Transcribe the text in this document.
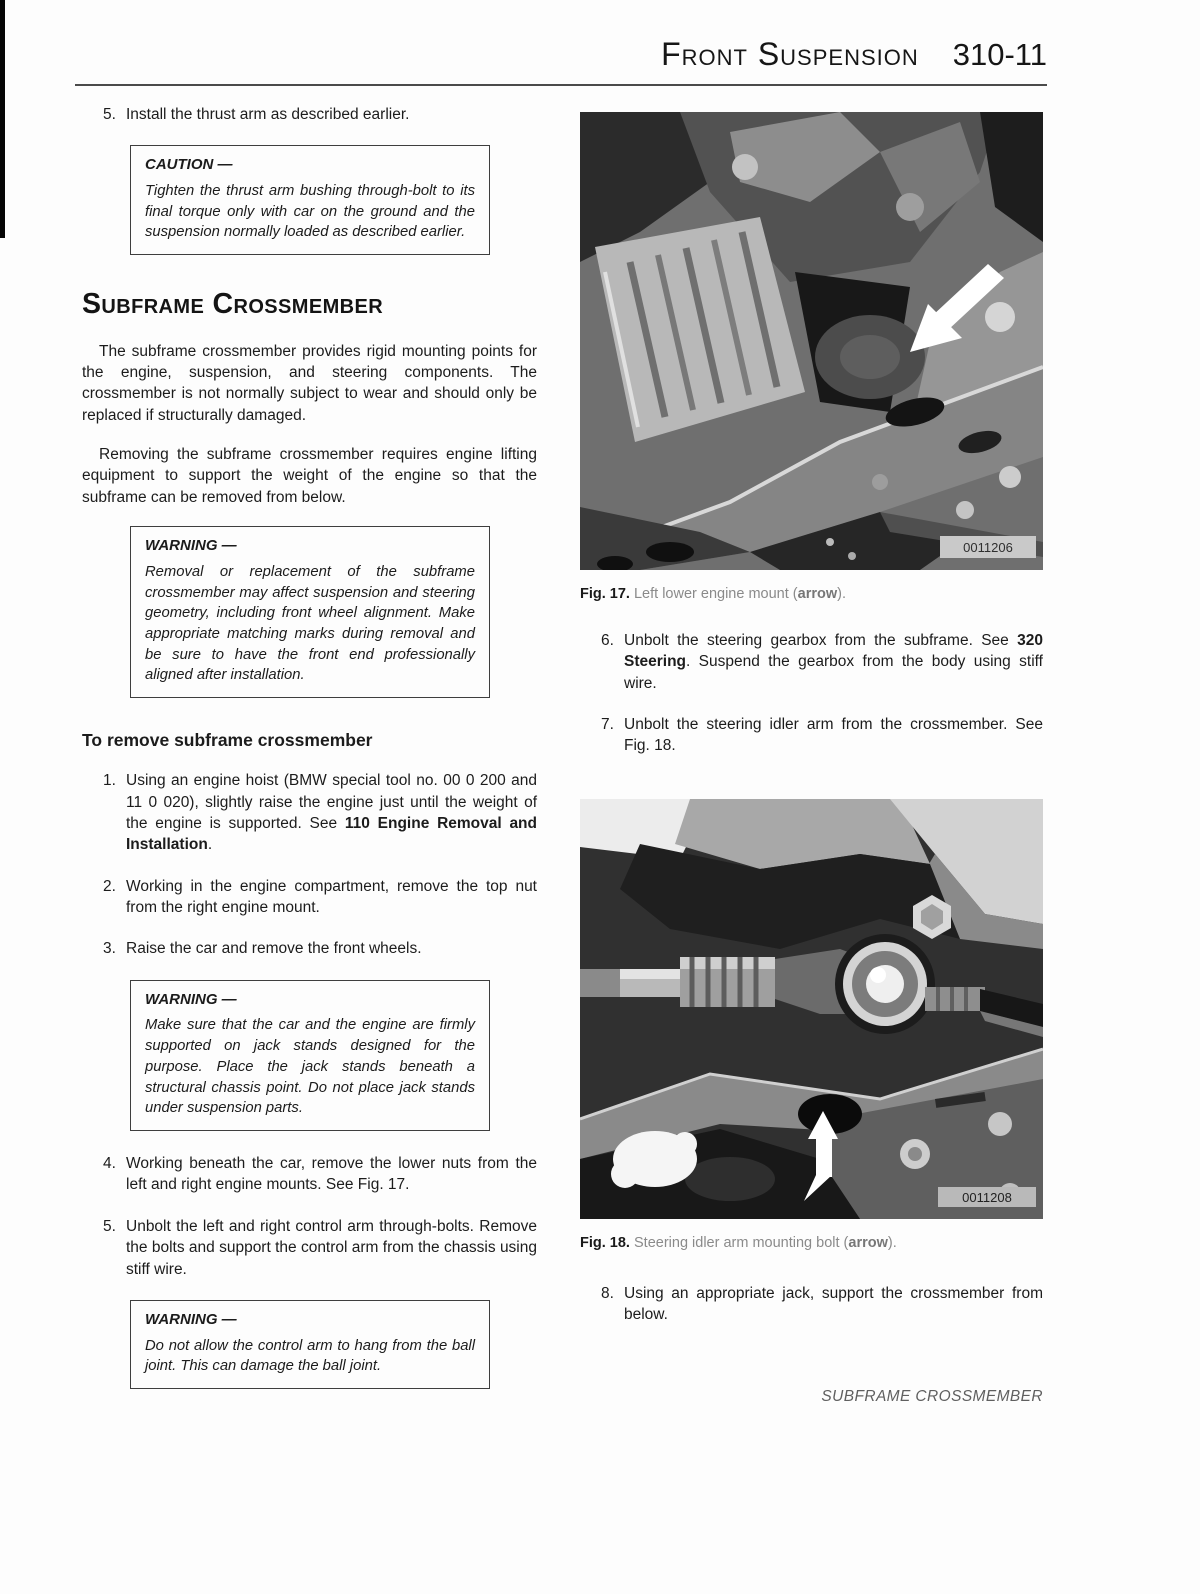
Front Suspension 310-11
5. Install the thrust arm as described earlier.
CAUTION —
Tighten the thrust arm bushing through-bolt to its final torque only with car on the ground and the suspension normally loaded as described earlier.
Subframe Crossmember

The subframe crossmember provides rigid mounting points for the engine, suspension, and steering components. The crossmember is not normally subject to wear and should only be replaced if structurally damaged.

Removing the subframe crossmember requires engine lifting equipment to support the weight of the engine so that the subframe can be removed from below.

WARNING —
Removal or replacement of the subframe crossmember may affect suspension and steering geometry, including front wheel alignment. Make appropriate matching marks during removal and be sure to have the front end professionally aligned after installation.
To remove subframe crossmember
1. Using an engine hoist (BMW special tool no. 00 0 200 and 11 0 020), slightly raise the engine just until the weight of the engine is supported. See 110 Engine Removal and Installation.
2. Working in the engine compartment, remove the top nut from the right engine mount.
3. Raise the car and remove the front wheels.
WARNING —
Make sure that the car and the engine are firmly supported on jack stands designed for the purpose. Place the jack stands beneath a structural chassis point. Do not place jack stands under suspension parts.
4. Working beneath the car, remove the lower nuts from the left and right engine mounts. See Fig. 17.
5. Unbolt the left and right control arm through-bolts. Remove the bolts and support the control arm from the chassis using stiff wire.
WARNING —
Do not allow the control arm to hang from the ball joint. This can damage the ball joint.
0011206
Fig. 17. Left lower engine mount (arrow).
6. Unbolt the steering gearbox from the subframe. See 320 Steering. Suspend the gearbox from the body using stiff wire.
7. Unbolt the steering idler arm from the crossmember. See Fig. 18.
0011208
Fig. 18. Steering idler arm mounting bolt (arrow).
8. Using an appropriate jack, support the crossmember from below.
SUBFRAME CROSSMEMBER
